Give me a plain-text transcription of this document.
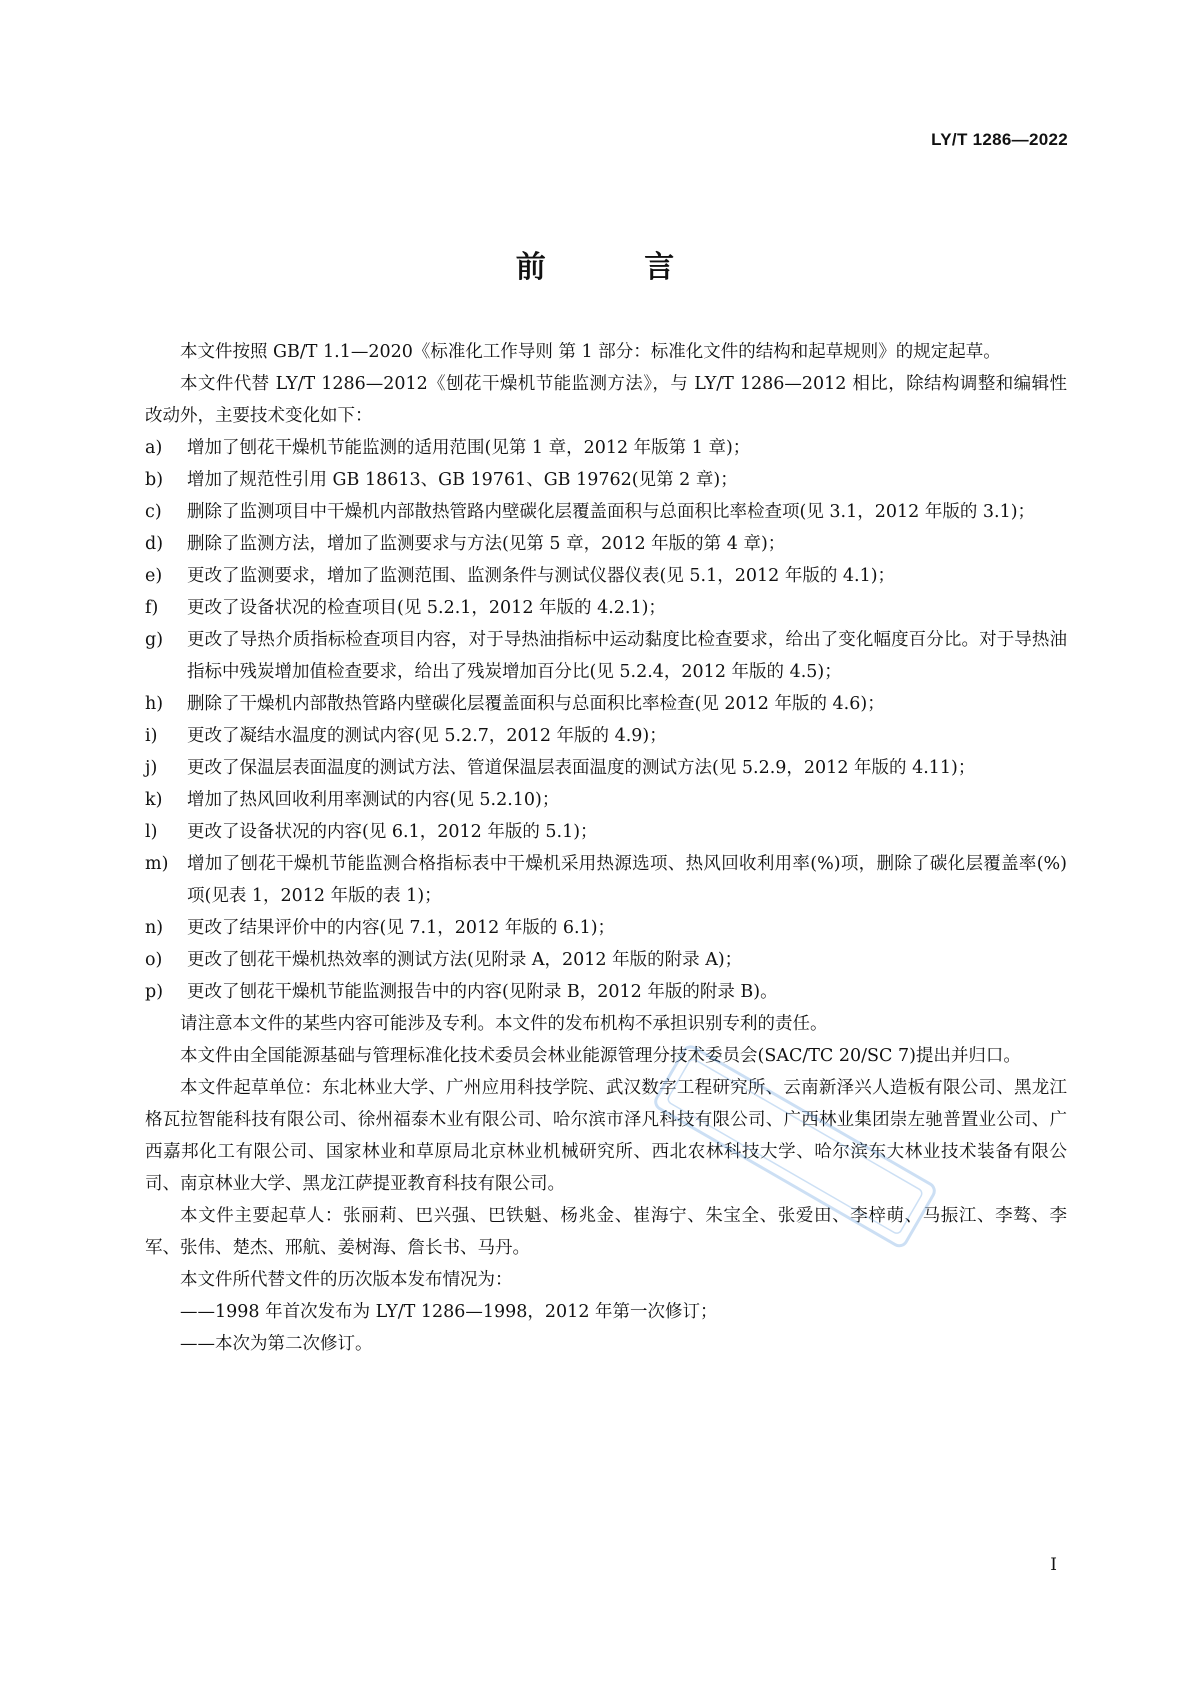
LY/T 1286—2022
前 言

本文件按照 GB/T 1.1—2020《标准化工作导则 第 1 部分：标准化文件的结构和起草规则》的规定起草。

本文件代替 LY/T 1286—2012《刨花干燥机节能监测方法》，与 LY/T 1286—2012 相比，除结构调整和编辑性改动外，主要技术变化如下：

a )	增加了刨花干燥机节能监测的适用范围(见第 1 章，2012 年版第 1 章)；

b )	增加了规范性引用 GB 18613、GB 19761、GB 19762(见第 2 章)；

c )	删除了监测项目中干燥机内部散热管路内壁碳化层覆盖面积与总面积比率检查项(见 3.1，2012 年版的 3.1)；

d )	删除了监测方法，增加了监测要求与方法(见第 5 章，2012 年版的第 4 章)；

e )	更改了监测要求，增加了监测范围、监测条件与测试仪器仪表(见 5.1，2012 年版的 4.1)；

f )	更改了设备状况的检查项目(见 5.2.1，2012 年版的 4.2.1)；

g )	更改了导热介质指标检查项目内容，对于导热油指标中运动黏度比检查要求，给出了变化幅度百分比。对于导热油指标中残炭增加值检查要求，给出了残炭增加百分比(见 5.2.4，2012 年版的 4.5)；

h )	删除了干燥机内部散热管路内壁碳化层覆盖面积与总面积比率检查(见 2012 年版的 4.6)；

i )	更改了凝结水温度的测试内容(见 5.2.7，2012 年版的 4.9)；

j )	更改了保温层表面温度的测试方法、管道保温层表面温度的测试方法(见 5.2.9，2012 年版的 4.11)；

k )	增加了热风回收利用率测试的内容(见 5.2.10)；

l )	更改了设备状况的内容(见 6.1，2012 年版的 5.1)；

m )	增加了刨花干燥机节能监测合格指标表中干燥机采用热源选项、热风回收利用率(%)项，删除了碳化层覆盖率(%)项(见表 1，2012 年版的表 1)；

n )	更改了结果评价中的内容(见 7.1，2012 年版的 6.1)；

o )	更改了刨花干燥机热效率的测试方法(见附录 A，2012 年版的附录 A)；

p )	更改了刨花干燥机节能监测报告中的内容(见附录 B，2012 年版的附录 B)。

请注意本文件的某些内容可能涉及专利。本文件的发布机构不承担识别专利的责任。

本文件由全国能源基础与管理标准化技术委员会林业能源管理分技术委员会(SAC/TC 20/SC 7)提出并归口。

本文件起草单位：东北林业大学、广州应用科技学院、武汉数字工程研究所、云南新泽兴人造板有限公司、黑龙江格瓦拉智能科技有限公司、徐州福泰木业有限公司、哈尔滨市泽凡科技有限公司、广西林业集团崇左驰普置业公司、广西嘉邦化工有限公司、国家林业和草原局北京林业机械研究所、西北农林科技大学、哈尔滨东大林业技术装备有限公司、南京林业大学、黑龙江萨提亚教育科技有限公司。

本文件主要起草人：张丽莉、巴兴强、巴铁魁、杨兆金、崔海宁、朱宝全、张爱田、李梓萌、马振江、李骜、李军、张伟、楚杰、邢航、姜树海、詹长书、马丹。

本文件所代替文件的历次版本发布情况为：

——1998 年首次发布为 LY/T 1286—1998，2012 年第一次修订；

——本次为第二次修订。

I
